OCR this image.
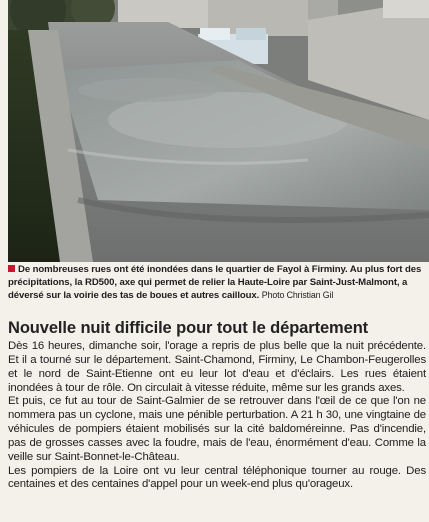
De nombreuses rues ont été inondées dans le quartier de Fayol à Firminy. Au plus fort des précipitations, la RD500, axe qui permet de relier la Haute-Loire par Saint-Just-Malmont, a déversé sur la voirie des tas de boues et autres cailloux. Photo Christian Gil
Nouvelle nuit difficile pour tout le département

Dès 16 heures, dimanche soir, l'orage a repris de plus belle que la nuit précédente. Et il a tourné sur le département. Saint-Chamond, Firminy, Le Chambon-Feugerolles et le nord de Saint-Etienne ont eu leur lot d'eau et d'éclairs. Les rues étaient inondées à tour de rôle. On circulait à vitesse réduite, même sur les grands axes.

Et puis, ce fut au tour de Saint-Galmier de se retrouver dans l'œil de ce que l'on ne nommera pas un cyclone, mais une pénible perturbation. A 21 h 30, une vingtaine de véhicules de pompiers étaient mobilisés sur la cité baldoméreinne. Pas d'incendie, pas de grosses casses avec la foudre, mais de l'eau, énormément d'eau. Comme la veille sur Saint-Bonnet-le-Château.

Les pompiers de la Loire ont vu leur central téléphonique tourner au rouge. Des centaines et des centaines d'appel pour un week-end plus qu'orageux.
